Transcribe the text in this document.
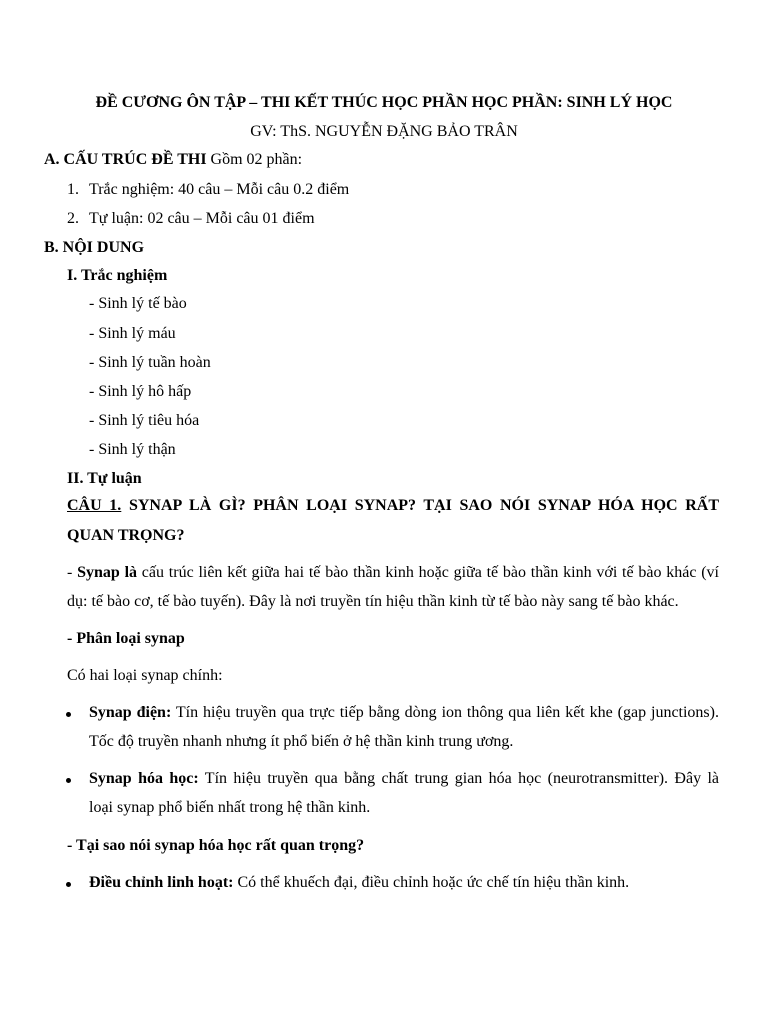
ĐỀ CƯƠNG ÔN TẬP – THI KẾT THÚC HỌC PHẦN HỌC PHẦN: SINH LÝ HỌC
GV: ThS. NGUYỄN ĐẶNG BẢO TRÂN
A. CẤU TRÚC ĐỀ THI Gồm 02 phần:
1. Trắc nghiệm: 40 câu – Mỗi câu 0.2 điểm
2. Tự luận: 02 câu – Mỗi câu 01 điểm
B. NỘI DUNG
I. Trắc nghiệm
- Sinh lý tế bào
- Sinh lý máu
- Sinh lý tuần hoàn
- Sinh lý hô hấp
- Sinh lý tiêu hóa
- Sinh lý thận
II. Tự luận
CÂU 1. SYNAP LÀ GÌ? PHÂN LOẠI SYNAP? TẠI SAO NÓI SYNAP HÓA HỌC RẤT
QUAN TRỌNG?
- Synap là cấu trúc liên kết giữa hai tế bào thần kinh hoặc giữa tế bào thần kinh với tế bào khác (ví
dụ: tế bào cơ, tế bào tuyến). Đây là nơi truyền tín hiệu thần kinh từ tế bào này sang tế bào khác.
- Phân loại synap
Có hai loại synap chính:
Synap điện: Tín hiệu truyền qua trực tiếp bằng dòng ion thông qua liên kết khe (gap junctions).
Tốc độ truyền nhanh nhưng ít phổ biến ở hệ thần kinh trung ương.
Synap hóa học: Tín hiệu truyền qua bằng chất trung gian hóa học (neurotransmitter). Đây là
loại synap phổ biến nhất trong hệ thần kinh.
- Tại sao nói synap hóa học rất quan trọng?
Điều chỉnh linh hoạt: Có thể khuếch đại, điều chỉnh hoặc ức chế tín hiệu thần kinh.
